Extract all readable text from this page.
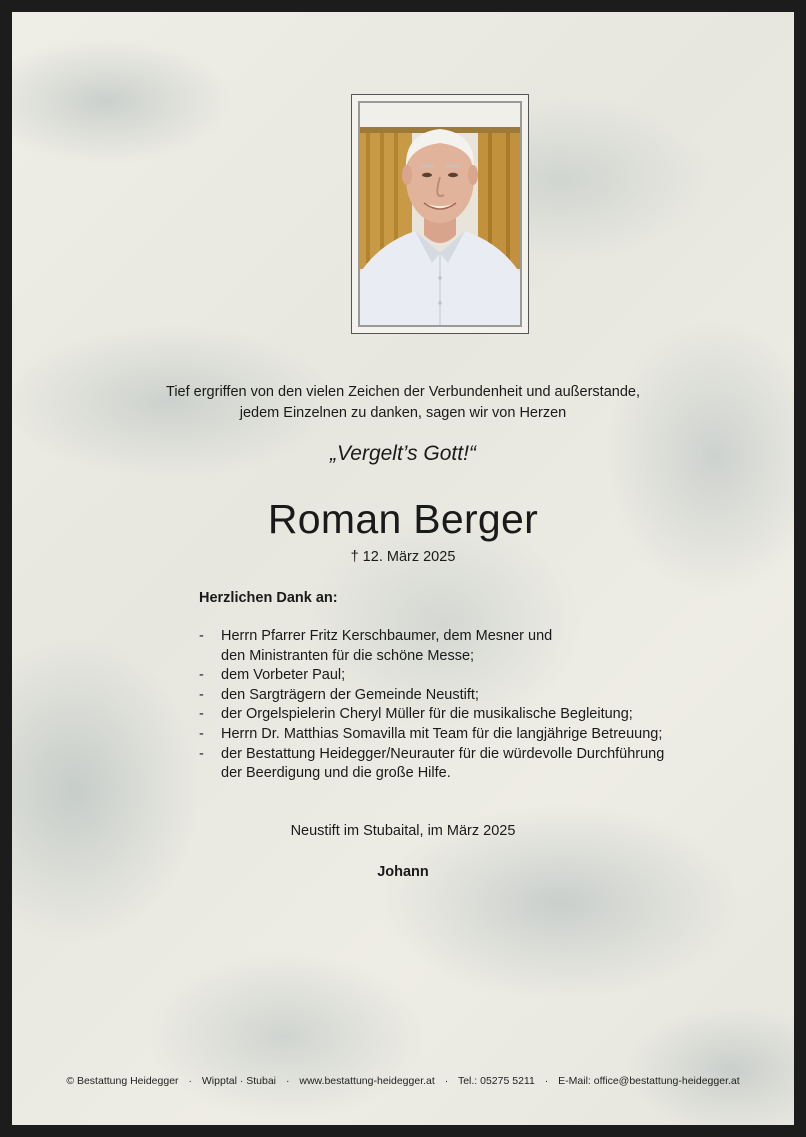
Tief ergriffen von den vielen Zeichen der Verbundenheit und außerstande,
jedem Einzelnen zu danken, sagen wir von Herzen
„Vergelt’s Gott!“
Roman Berger
† 12. März 2025
Herzlichen Dank an:
- Herrn Pfarrer Fritz Kerschbaumer, dem Mesner und
den Ministranten für die schöne Messe;
- dem Vorbeter Paul;
- den Sargträgern der Gemeinde Neustift;
- der Orgelspielerin Cheryl Müller für die musikalische Begleitung;
- Herrn Dr. Matthias Somavilla mit Team für die langjährige Betreuung;
- der Bestattung Heidegger/Neurauter für die würdevolle Durchführung
der Beerdigung und die große Hilfe.
Neustift im Stubaital, im März 2025
Johann
© Bestattung Heidegger · Wipptal · Stubai · www.bestattung-heidegger.at · Tel.: 05275 5211 · E-Mail: office@bestattung-heidegger.at
